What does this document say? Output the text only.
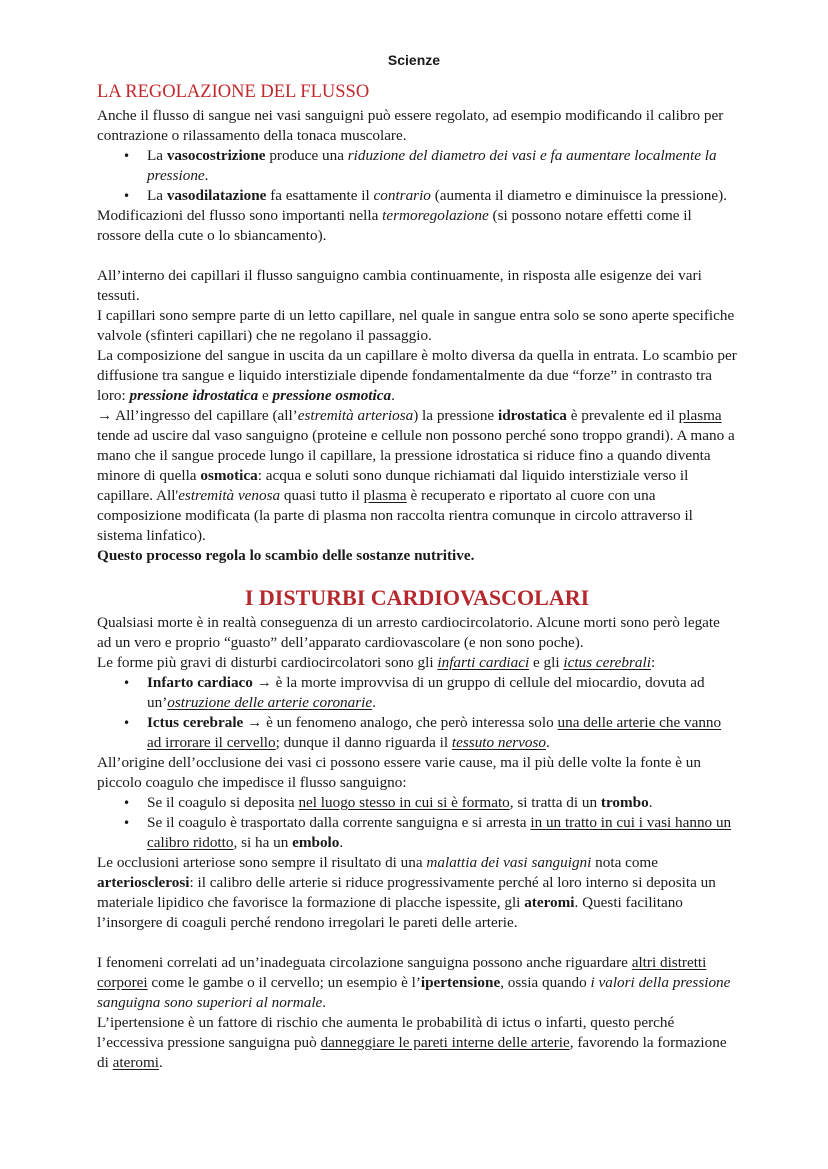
Scienze

LA REGOLAZIONE DEL FLUSSO

Anche il flusso di sangue nei vasi sanguigni può essere regolato, ad esempio modificando il calibro per contrazione o rilassamento della tonaca muscolare.

• La vasocostrizione produce una riduzione del diametro dei vasi e fa aumentare localmente la pressione.
• La vasodilatazione fa esattamente il contrario (aumenta il diametro e diminuisce la pressione).

Modificazioni del flusso sono importanti nella termoregolazione (si possono notare effetti come il rossore della cute o lo sbiancamento).

All’interno dei capillari il flusso sanguigno cambia continuamente, in risposta alle esigenze dei vari tessuti.

I capillari sono sempre parte di un letto capillare, nel quale in sangue entra solo se sono aperte specifiche valvole (sfinteri capillari) che ne regolano il passaggio.

La composizione del sangue in uscita da un capillare è molto diversa da quella in entrata. Lo scambio per diffusione tra sangue e liquido interstiziale dipende fondamentalmente da due “forze” in contrasto tra loro: pressione idrostatica e pressione osmotica.

→ All’ingresso del capillare (all’estremità arteriosa) la pressione idrostatica è prevalente ed il plasma tende ad uscire dal vaso sanguigno (proteine e cellule non possono perché sono troppo grandi). A mano a mano che il sangue procede lungo il capillare, la pressione idrostatica si riduce fino a quando diventa minore di quella osmotica: acqua e soluti sono dunque richiamati dal liquido interstiziale verso il capillare. All'estremità venosa quasi tutto il plasma è recuperato e riportato al cuore con una composizione modificata (la parte di plasma non raccolta rientra comunque in circolo attraverso il sistema linfatico).

Questo processo regola lo scambio delle sostanze nutritive.

I DISTURBI CARDIOVASCOLARI

Qualsiasi morte è in realtà conseguenza di un arresto cardiocircolatorio. Alcune morti sono però legate ad un vero e proprio “guasto” dell’apparato cardiovascolare (e non sono poche).

Le forme più gravi di disturbi cardiocircolatori sono gli infarti cardiaci e gli ictus cerebrali:

• Infarto cardiaco → è la morte improvvisa di un gruppo di cellule del miocardio, dovuta ad un’ostruzione delle arterie coronarie.
• Ictus cerebrale → è un fenomeno analogo, che però interessa solo una delle arterie che vanno ad irrorare il cervello; dunque il danno riguarda il tessuto nervoso.

All’origine dell’occlusione dei vasi ci possono essere varie cause, ma il più delle volte la fonte è un piccolo coagulo che impedisce il flusso sanguigno:

• Se il coagulo si deposita nel luogo stesso in cui si è formato, si tratta di un trombo.
• Se il coagulo è trasportato dalla corrente sanguigna e si arresta in un tratto in cui i vasi hanno un calibro ridotto, si ha un embolo.

Le occlusioni arteriose sono sempre il risultato di una malattia dei vasi sanguigni nota come arteriosclerosi: il calibro delle arterie si riduce progressivamente perché al loro interno si deposita un materiale lipidico che favorisce la formazione di placche ispessite, gli ateromi. Questi facilitano l’insorgere di coaguli perché rendono irregolari le pareti delle arterie.

I fenomeni correlati ad un’inadeguata circolazione sanguigna possono anche riguardare altri distretti corporei come le gambe o il cervello; un esempio è l’ipertensione, ossia quando i valori della pressione sanguigna sono superiori al normale.

L’ipertensione è un fattore di rischio che aumenta le probabilità di ictus o infarti, questo perché l’eccessiva pressione sanguigna può danneggiare le pareti interne delle arterie, favorendo la formazione di ateromi.
